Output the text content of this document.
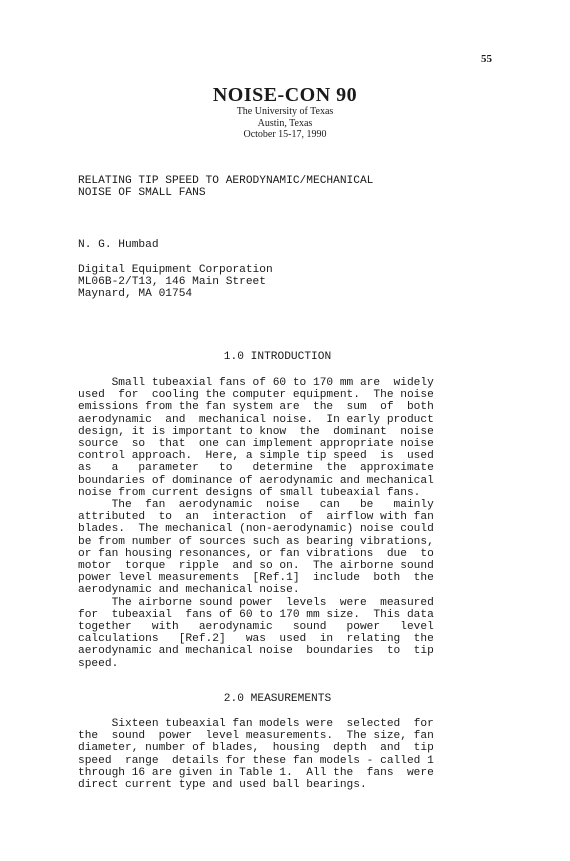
55
NOISE-CON 90
The University of Texas
Austin, Texas
October 15-17, 1990
RELATING TIP SPEED TO AERODYNAMIC/MECHANICAL
NOISE OF SMALL FANS
N. G. Humbad
Digital Equipment Corporation
ML06B-2/T13, 146 Main Street
Maynard, MA 01754
1.0 INTRODUCTION
Small tubeaxial fans of 60 to 170 mm are  widely
used  for  cooling the computer equipment.  The noise
emissions from the fan system are  the  sum  of  both
aerodynamic  and  mechanical noise.  In early product
design, it is important to know  the  dominant  noise
source  so  that  one can implement appropriate noise
control approach.  Here, a simple tip speed  is  used
as   a   parameter   to   determine  the  approximate
boundaries of dominance of aerodynamic and mechanical
noise from current designs of small tubeaxial fans.
The  fan  aerodynamic  noise   can   be   mainly
attributed  to  an  interaction  of  airflow with fan
blades.  The mechanical (non-aerodynamic) noise could
be from number of sources such as bearing vibrations,
or fan housing resonances, or fan vibrations  due  to
motor  torque  ripple  and so on.  The airborne sound
power level measurements  [Ref.1]  include  both  the
aerodynamic and mechanical noise.
The airborne sound power  levels  were  measured
for  tubeaxial  fans of 60 to 170 mm size.  This data
together   with   aerodynamic   sound   power   level
calculations   [Ref.2]   was  used  in  relating  the
aerodynamic and mechanical noise  boundaries  to  tip
speed.
2.0 MEASUREMENTS
Sixteen tubeaxial fan models were  selected  for
the  sound  power  level measurements.  The size, fan
diameter, number of blades,  housing  depth  and  tip
speed  range  details for these fan models - called 1
through 16 are given in Table 1.  All the  fans  were
direct current type and used ball bearings.
